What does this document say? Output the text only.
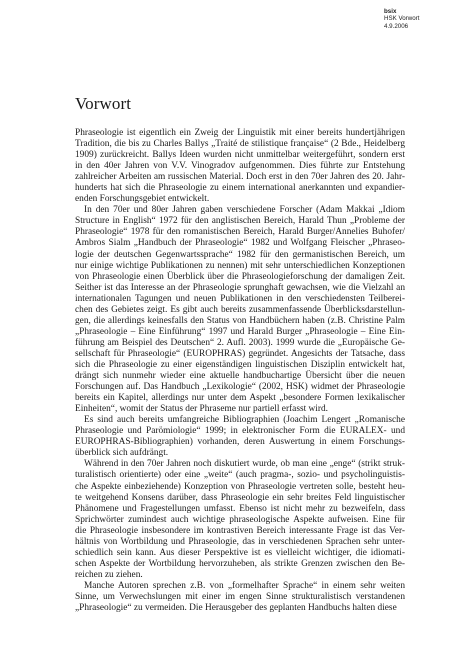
bsix
HSK Vorwort
4.9.2006
Vorwort

Phraseologie ist eigentlich ein Zweig der Linguistik mit einer bereits hundertjährigen
Tradition, die bis zu Charles Ballys „Traité de stilistique française“ (2 Bde., Heidelberg
1909) zurückreicht. Ballys Ideen wurden nicht unmittelbar weitergeführt, sondern erst
in den 40er Jahren von V.V. Vinogradov aufgenommen. Dies führte zur Entstehung
zahlreicher Arbeiten am russischen Material. Doch erst in den 70er Jahren des 20. Jahr-
hunderts hat sich die Phraseologie zu einem international anerkannten und expandier-
enden Forschungsgebiet entwickelt.

In den 70er und 80er Jahren gaben verschiedene Forscher (Adam Makkai „Idiom
Structure in English“ 1972 für den anglistischen Bereich, Harald Thun „Probleme der
Phraseologie“ 1978 für den romanistischen Bereich, Harald Burger/Annelies Buhofer/
Ambros Sialm „Handbuch der Phraseologie“ 1982 und Wolfgang Fleischer „Phraseo-
logie der deutschen Gegenwartssprache“ 1982 für den germanistischen Bereich, um
nur einige wichtige Publikationen zu nennen) mit sehr unterschiedlichen Konzeptionen
von Phraseologie einen Überblick über die Phraseologieforschung der damaligen Zeit.
Seither ist das Interesse an der Phraseologie sprunghaft gewachsen, wie die Vielzahl an
internationalen Tagungen und neuen Publikationen in den verschiedensten Teilberei-
chen des Gebietes zeigt. Es gibt auch bereits zusammenfassende Überblicksdarstellun-
gen, die allerdings keinesfalls den Status von Handbüchern haben (z.B. Christine Palm
„Phraseologie – Eine Einführung“ 1997 und Harald Burger „Phraseologie – Eine Ein-
führung am Beispiel des Deutschen“ 2. Aufl. 2003). 1999 wurde die „Europäische Ge-
sellschaft für Phraseologie“ (EUROPHRAS) gegründet. Angesichts der Tatsache, dass
sich die Phraseologie zu einer eigenständigen linguistischen Disziplin entwickelt hat,
drängt sich nunmehr wieder eine aktuelle handbuchartige Übersicht über die neuen
Forschungen auf. Das Handbuch „Lexikologie“ (2002, HSK) widmet der Phraseologie
bereits ein Kapitel, allerdings nur unter dem Aspekt „besondere Formen lexikalischer
Einheiten“, womit der Status der Phraseme nur partiell erfasst wird.

Es sind auch bereits umfangreiche Bibliographien (Joachim Lengert „Romanische
Phraseologie und Parömiologie“ 1999; in elektronischer Form die EURALEX- und
EUROPHRAS-Bibliographien) vorhanden, deren Auswertung in einem Forschungs-
überblick sich aufdrängt.

Während in den 70er Jahren noch diskutiert wurde, ob man eine „enge“ (strikt struk-
turalistisch orientierte) oder eine „weite“ (auch pragma-, sozio- und psycholinguistis-
che Aspekte einbeziehende) Konzeption von Phraseologie vertreten solle, besteht heu-
te weitgehend Konsens darüber, dass Phraseologie ein sehr breites Feld linguistischer
Phänomene und Fragestellungen umfasst. Ebenso ist nicht mehr zu bezweifeln, dass
Sprichwörter zumindest auch wichtige phraseologische Aspekte aufweisen. Eine für
die Phraseologie insbesondere im kontrastiven Bereich interessante Frage ist das Ver-
hältnis von Wortbildung und Phraseologie, das in verschiedenen Sprachen sehr unter-
schiedlich sein kann. Aus dieser Perspektive ist es vielleicht wichtiger, die idiomati-
schen Aspekte der Wortbildung hervorzuheben, als strikte Grenzen zwischen den Be-
reichen zu ziehen.

Manche Autoren sprechen z.B. von „formelhafter Sprache“ in einem sehr weiten
Sinne, um Verwechslungen mit einer im engen Sinne strukturalistisch verstandenen
„Phraseologie“ zu vermeiden. Die Herausgeber des geplanten Handbuchs halten diese
